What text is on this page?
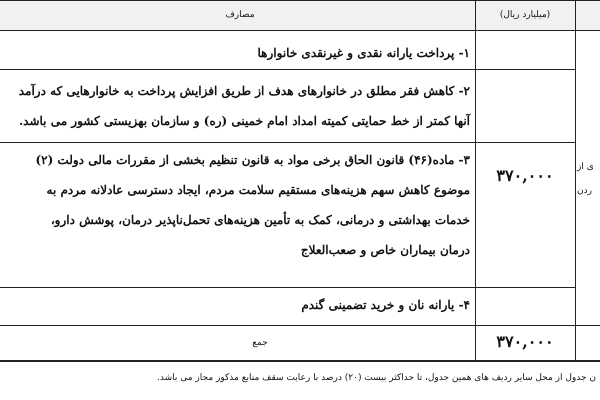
مصارف	(میلیارد ریال)
۱- پرداخت یارانه نقدی و غیرنقدی خانوارها
۲- کاهش فقر مطلق در خانوارهای هدف از طریق افزایش پرداخت به خانوارهایی که درآمد
آنها کمتر از خط حمایتی کمیته امداد امام خمینی (ره) و سازمان بهزیستی کشور می باشد.
۳- ماده(۴۶) قانون الحاق برخی مواد به قانون تنظیم بخشی از مقررات مالی دولت (۲)
موضوع کاهش سهم هزینه‌های مستقیم سلامت مردم، ایجاد دسترسی عادلانه مردم به
خدمات بهداشتی و درمانی، کمک به تأمین هزینه‌های تحمل‌ناپذیر درمان، پوشش دارو،
درمان بیماران خاص و صعب‌العلاج
۴- یارانه نان و خرید تضمینی گندم
۳۷۰,۰۰۰
جمع	۳۷۰,۰۰۰
ی از
ردن
ن جدول از محل سایر ردیف های همین جدول، تا حداکثر بیست (۲۰) درصد با رعایت سقف منابع مذکور مجاز می باشد.
